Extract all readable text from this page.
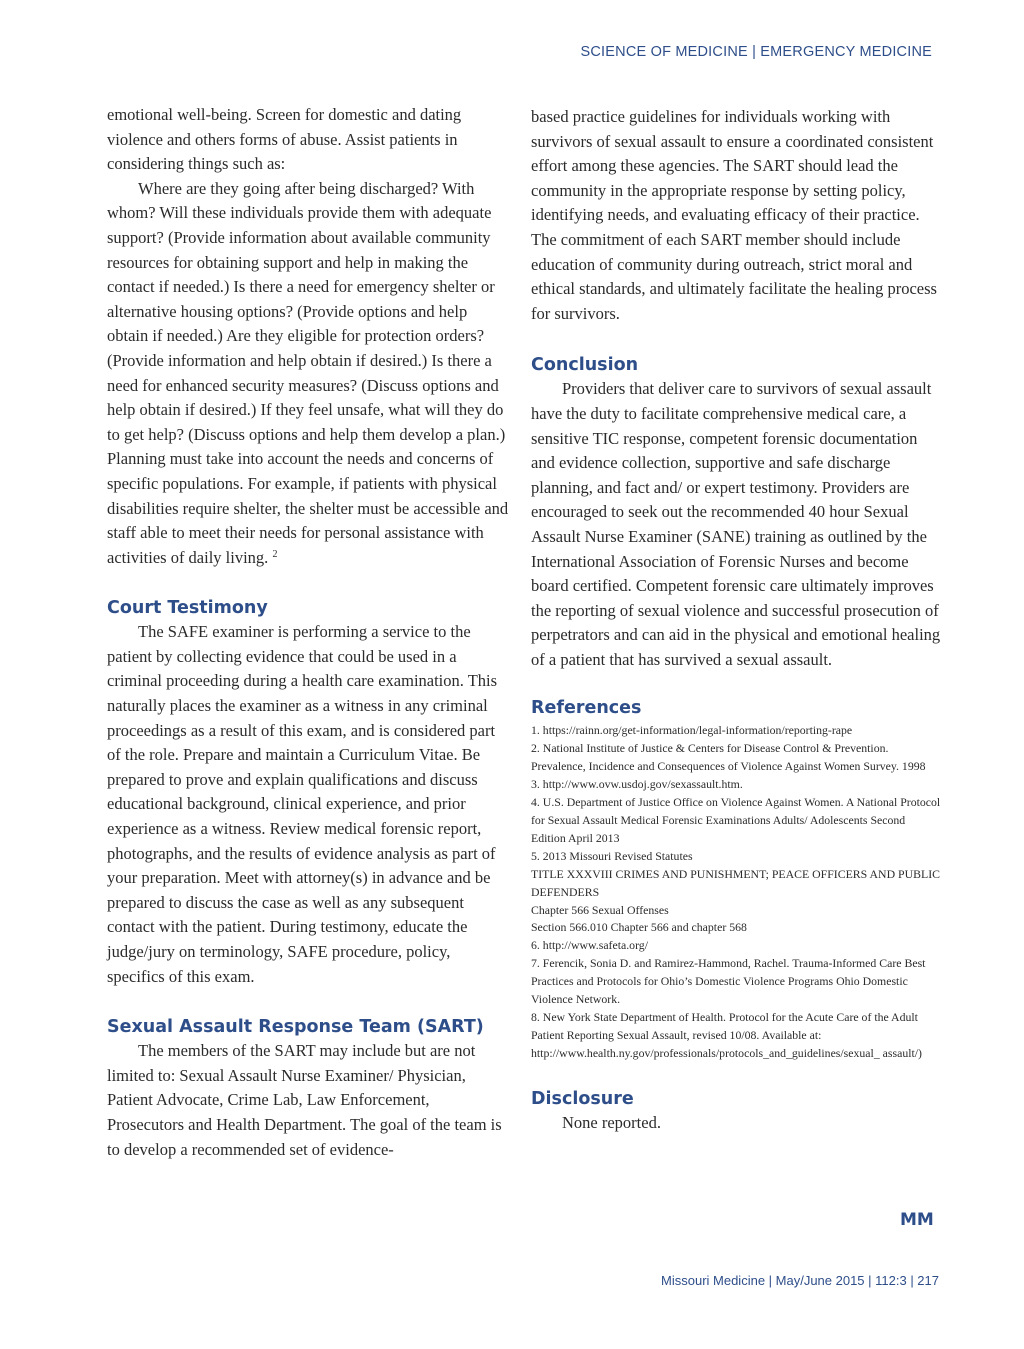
SCIENCE OF MEDICINE | EMERGENCY MEDICINE

emotional well-being. Screen for domestic and dating violence and others forms of abuse. Assist patients in considering things such as:

Where are they going after being discharged? With whom? Will these individuals provide them with adequate support? (Provide information about available community resources for obtaining support and help in making the contact if needed.) Is there a need for emergency shelter or alternative housing options? (Provide options and help obtain if needed.) Are they eligible for protection orders? (Provide information and help obtain if desired.) Is there a need for enhanced security measures? (Discuss options and help obtain if desired.) If they feel unsafe, what will they do to get help? (Discuss options and help them develop a plan.) Planning must take into account the needs and concerns of specific populations. For example, if patients with physical disabilities require shelter, the shelter must be accessible and staff able to meet their needs for personal assistance with activities of daily living. $^2$

Court Testimony

The SAFE examiner is performing a service to the patient by collecting evidence that could be used in a criminal proceeding during a health care examination. This naturally places the examiner as a witness in any criminal proceedings as a result of this exam, and is considered part of the role. Prepare and maintain a Curriculum Vitae. Be prepared to prove and explain qualifications and discuss educational background, clinical experience, and prior experience as a witness. Review medical forensic report, photographs, and the results of evidence analysis as part of your preparation. Meet with attorney(s) in advance and be prepared to discuss the case as well as any subsequent contact with the patient. During testimony, educate the judge/jury on terminology, SAFE procedure, policy, specifics of this exam.

Sexual Assault Response Team (SART)

The members of the SART may include but are not limited to: Sexual Assault Nurse Examiner/ Physician, Patient Advocate, Crime Lab, Law Enforcement, Prosecutors and Health Department. The goal of the team is to develop a recommended set of evidence-

based practice guidelines for individuals working with survivors of sexual assault to ensure a coordinated consistent effort among these agencies. The SART should lead the community in the appropriate response by setting policy, identifying needs, and evaluating efficacy of their practice. The commitment of each SART member should include education of community during outreach, strict moral and ethical standards, and ultimately facilitate the healing process for survivors.

Conclusion

Providers that deliver care to survivors of sexual assault have the duty to facilitate comprehensive medical care, a sensitive TIC response, competent forensic documentation and evidence collection, supportive and safe discharge planning, and fact and/ or expert testimony. Providers are encouraged to seek out the recommended 40 hour Sexual Assault Nurse Examiner (SANE) training as outlined by the International Association of Forensic Nurses and become board certified. Competent forensic care ultimately improves the reporting of sexual violence and successful prosecution of perpetrators and can aid in the physical and emotional healing of a patient that has survived a sexual assault.

References
1. https://rainn.org/get-information/legal-information/reporting-rape
2. National Institute of Justice & Centers for Disease Control & Prevention. Prevalence, Incidence and Consequences of Violence Against Women Survey. 1998
3. http://www.ovw.usdoj.gov/sexassault.htm.
4. U.S. Department of Justice Office on Violence Against Women. A National Protocol for Sexual Assault Medical Forensic Examinations Adults/ Adolescents Second Edition April 2013
5. 2013 Missouri Revised Statutes
TITLE XXXVIII CRIMES AND PUNISHMENT; PEACE OFFICERS AND PUBLIC DEFENDERS
Chapter 566 Sexual Offenses
Section 566.010 Chapter 566 and chapter 568
6. http://www.safeta.org/
7. Ferencik, Sonia D. and Ramirez-Hammond, Rachel. Trauma-Informed Care Best Practices and Protocols for Ohio’s Domestic Violence Programs Ohio Domestic Violence Network.
8. New York State Department of Health. Protocol for the Acute Care of the Adult Patient Reporting Sexual Assault, revised 10/08. Available at: http://www.health.ny.gov/professionals/protocols_and_guidelines/sexual_ assault/)
Disclosure

None reported.

MM
Missouri Medicine | May/June 2015 | 112:3 | 217
